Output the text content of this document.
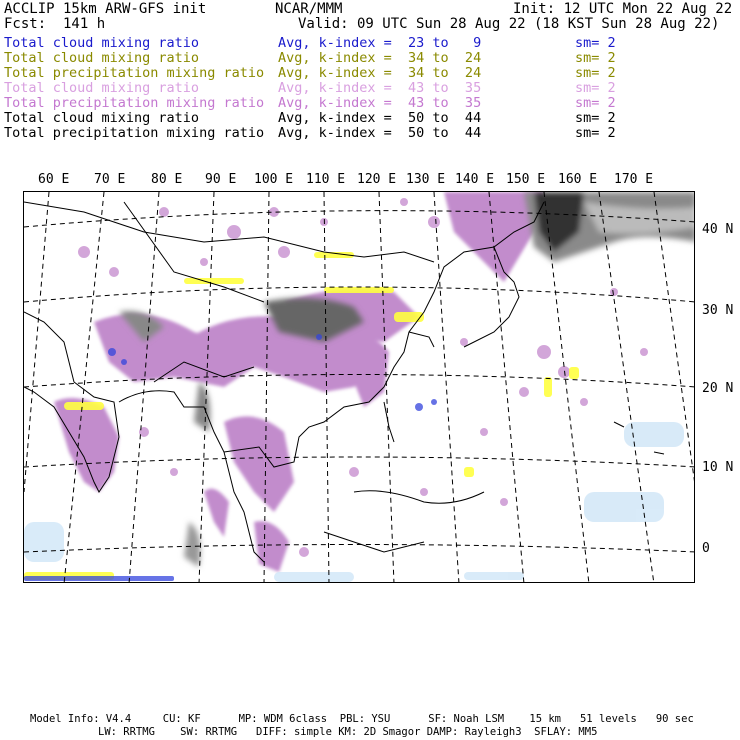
ACCLIP 15km ARW-GFS init	NCAR/MMM	Init: 12 UTC Mon 22 Aug 22
Fcst:  141 h	Valid: 09 UTC Sun 28 Aug 22 (18 KST Sun 28 Aug 22)
Total cloud mixing ratio	Avg, k-index =  23 to   9	sm= 2
Total cloud mixing ratio	Avg, k-index =  34 to  24	sm= 2
Total precipitation mixing ratio Avg, k-index =  34 to  24	sm= 2
Total cloud mixing ratio	Avg, k-index =  43 to  35	sm= 2
Total precipitation mixing ratio Avg, k-index =  43 to  35	sm= 2
Total cloud mixing ratio	Avg, k-index =  50 to  44	sm= 2
Total precipitation mixing ratio Avg, k-index =  50 to  44	sm= 2
60 E 70 E 80 E 90 E 100 E 110 E 120 E 130 E 140 E 150 E 160 E 170 E
40 N
30 N
20 N
10 N
0
Model Info: V4.4     CU: KF      MP: WDM 6class  PBL: YSU      SF: Noah LSM    15 km   51 levels   90 sec
LW: RRTMG    SW: RRTMG   DIFF: simple KM: 2D Smagor DAMP: Rayleigh3  SFLAY: MM5
